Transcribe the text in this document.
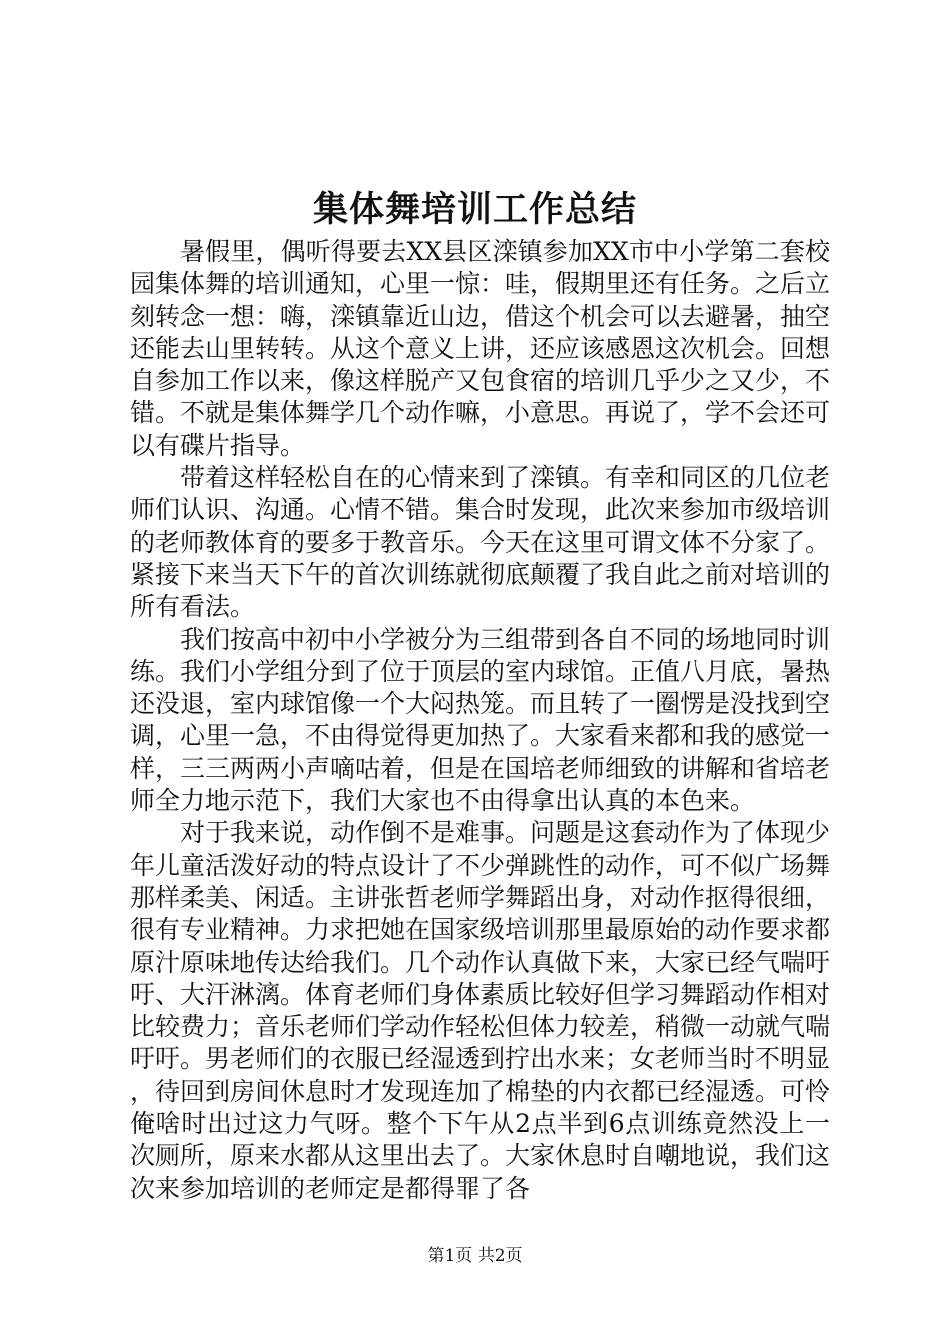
集体舞培训工作总结

暑假里，偶听得要去XX县区滦镇参加XX市中小学第二套校园集体舞的培训通知，心里一惊：哇，假期里还有任务。之后立刻转念一想：嗨，滦镇靠近山边，借这个机会可以去避暑，抽空还能去山里转转。从这个意义上讲，还应该感恩这次机会。回想自参加工作以来，像这样脱产又包食宿的培训几乎少之又少，不错。不就是集体舞学几个动作嘛，小意思。再说了，学不会还可以有碟片指导。

带着这样轻松自在的心情来到了滦镇。有幸和同区的几位老师们认识、沟通。心情不错。集合时发现，此次来参加市级培训的老师教体育的要多于教音乐。今天在这里可谓文体不分家了。紧接下来当天下午的首次训练就彻底颠覆了我自此之前对培训的所有看法。

我们按高中初中小学被分为三组带到各自不同的场地同时训练。我们小学组分到了位于顶层的室内球馆。正值八月底，暑热还没退，室内球馆像一个大闷热笼。而且转了一圈愣是没找到空调，心里一急，不由得觉得更加热了。大家看来都和我的感觉一样，三三两两小声嘀咕着，但是在国培老师细致的讲解和省培老师全力地示范下，我们大家也不由得拿出认真的本色来。

对于我来说，动作倒不是难事。问题是这套动作为了体现少年儿童活泼好动的特点设计了不少弹跳性的动作，可不似广场舞那样柔美、闲适。主讲张哲老师学舞蹈出身，对动作抠得很细，很有专业精神。力求把她在国家级培训那里最原始的动作要求都原汁原味地传达给我们。几个动作认真做下来，大家已经气喘吁吁、大汗淋漓。体育老师们身体素质比较好但学习舞蹈动作相对比较费力；音乐老师们学动作轻松但体力较差，稍微一动就气喘吁吁。男老师们的衣服已经湿透到拧出水来；女老师当时不明显，待回到房间休息时才发现连加了棉垫的内衣都已经湿透。可怜俺啥时出过这力气呀。整个下午从2点半到6点训练竟然没上一次厕所，原来水都从这里出去了。大家休息时自嘲地说，我们这次来参加培训的老师定是都得罪了各

第1页 共2页
